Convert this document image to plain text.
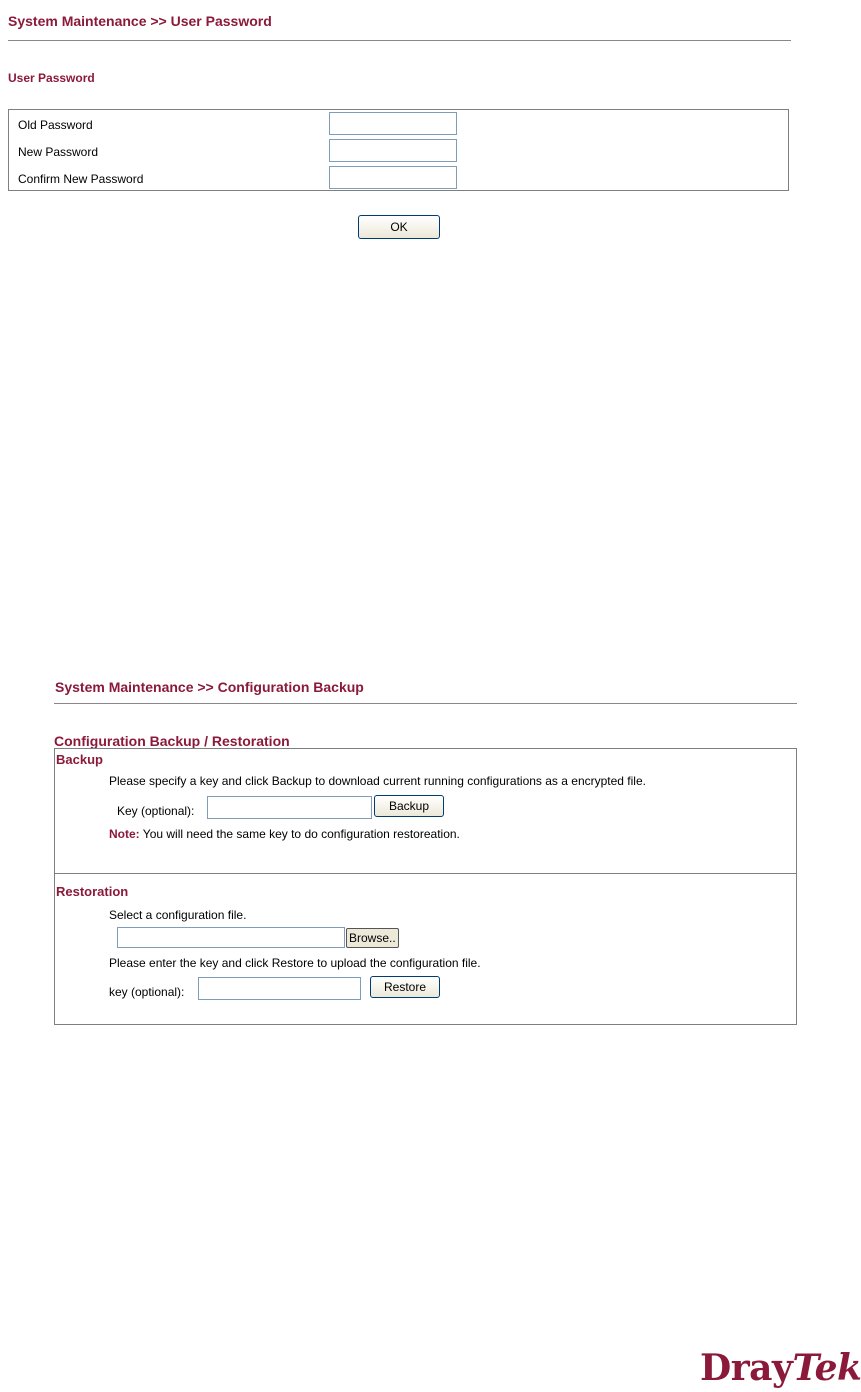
System Maintenance >> User Password
User Password
Old Password
New Password
Confirm New Password
OK
System Maintenance >> Configuration Backup
Configuration Backup / Restoration
Backup
Please specify a key and click Backup to download current running configurations as a encrypted file.
Key (optional):	Backup
Note: You will need the same key to do configuration restoreation.
Restoration
Select a configuration file.
Browse..
Please enter the key and click Restore to upload the configuration file.
key (optional):	Restore
DrayTek
